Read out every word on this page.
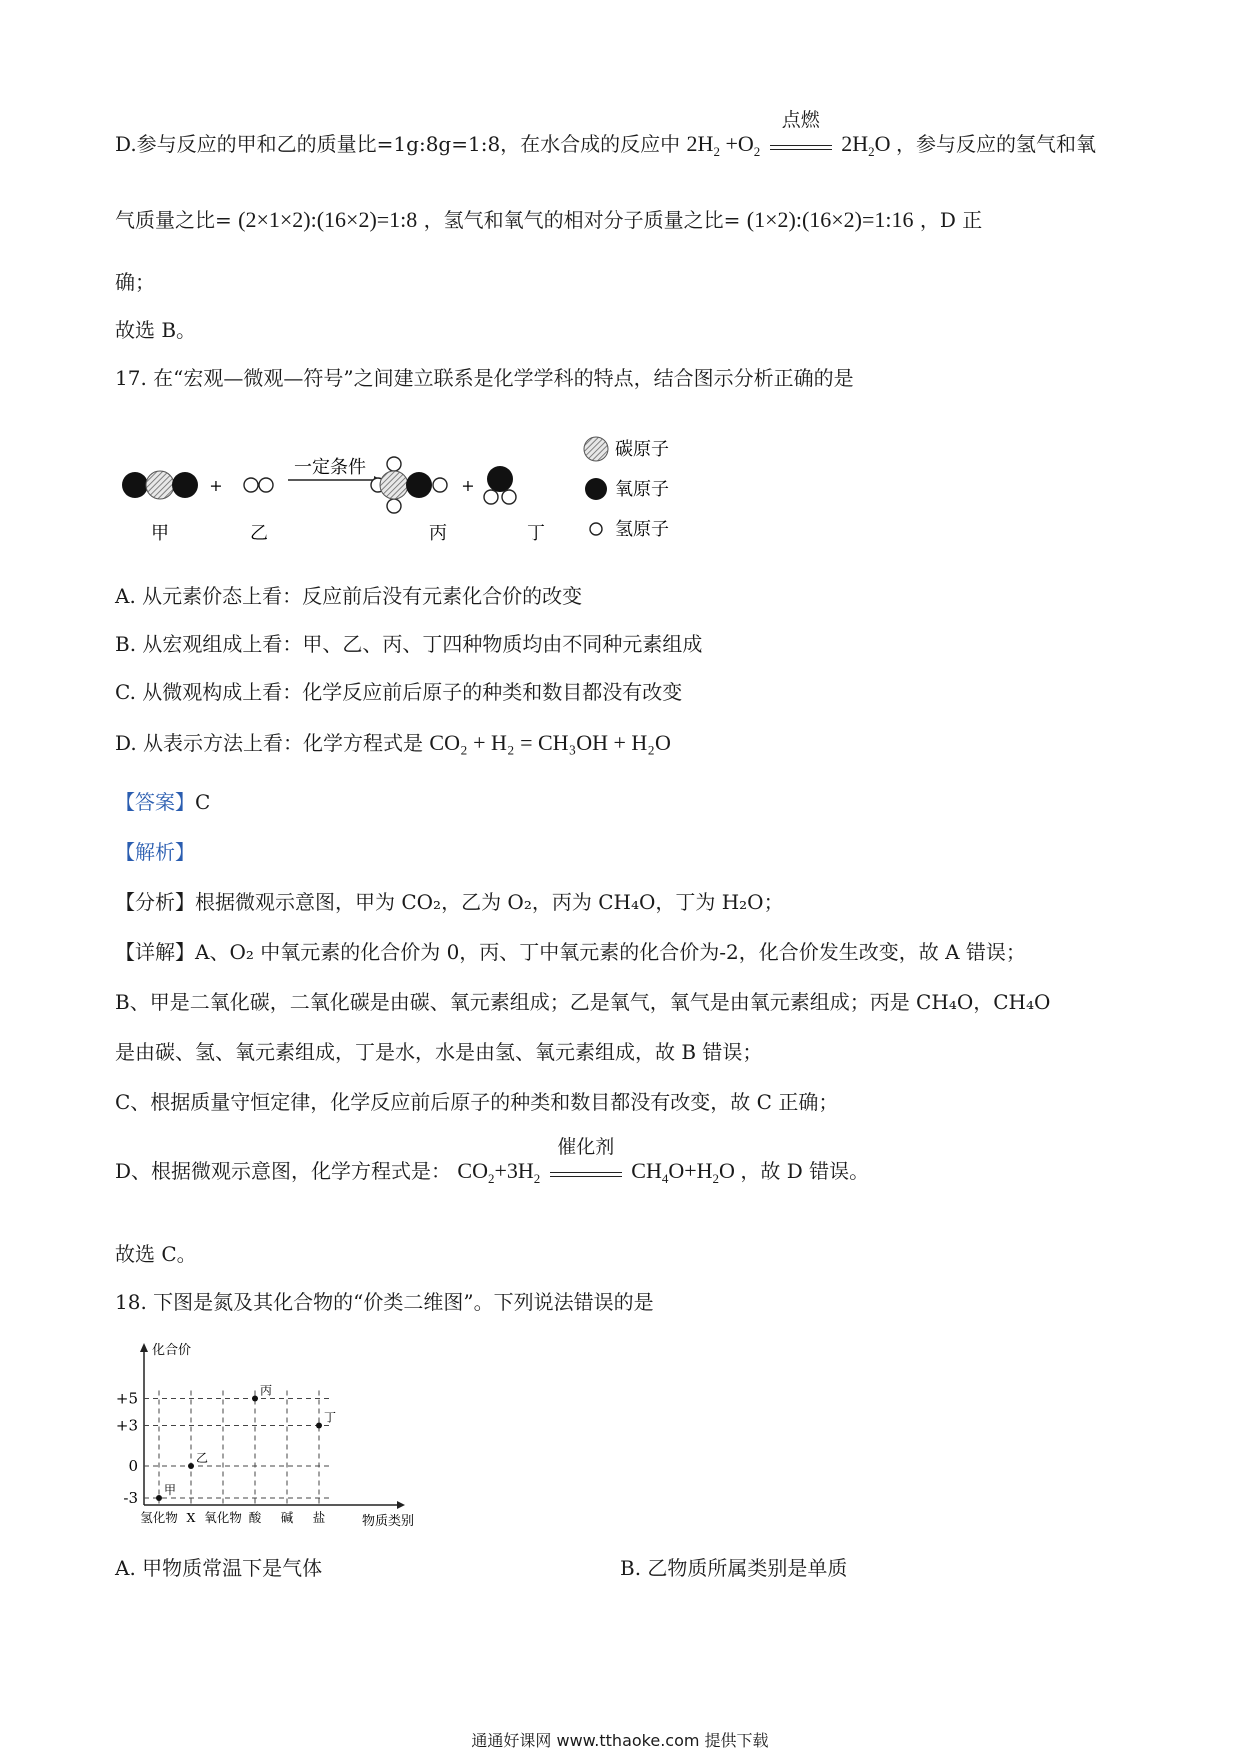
D.参与反应的甲和乙的质量比=1g:8g=1:8，在水合成的反应中 $2H_2 +O_2$
点燃
$2H_2O$ ，参与反应的氢气和氧
气质量之比= (2×1×2):(16×2)=1:8 ，氢气和氧气的相对分子质量之比= (1×2):(16×2)=1:16 ，D 正
确；
故选 B。
17. 在“宏观—微观—符号”之间建立联系是化学学科的特点，结合图示分析正确的是
+
一定条件
+
甲	乙	丙	丁
碳原子
氧原子
氢原子
A. 从元素价态上看：反应前后没有元素化合价的改变
B. 从宏观组成上看：甲、乙、丙、丁四种物质均由不同种元素组成
C. 从微观构成上看：化学反应前后原子的种类和数目都没有改变
D. 从表示方法上看：化学方程式是 CO₂ + H₂ = CH₃OH + H₂O
【答案】C
【解析】
【分析】根据微观示意图，甲为 CO₂，乙为 O₂，丙为 CH₄O，丁为 H₂O；
【详解】A、O₂ 中氧元素的化合价为 0，丙、丁中氧元素的化合价为-2，化合价发生改变，故 A 错误；
B、甲是二氧化碳，二氧化碳是由碳、氧元素组成；乙是氧气，氧气是由氧元素组成；丙是 CH₄O，CH₄O
是由碳、氢、氧元素组成，丁是水，水是由氢、氧元素组成，故 B 错误；
C、根据质量守恒定律，化学反应前后原子的种类和数目都没有改变，故 C 正确；
D、根据微观示意图，化学方程式是： $CO_2+3H_2$
催化剂
$CH_4O+H_2O$ ，故 D 错误。
故选 C。
18. 下图是氮及其化合物的“价类二维图”。下列说法错误的是
化合价
物质类别
+5
+3
0
-3
氢化物 X 氧化物 酸 碱 盐
甲
乙
丙
丁
A. 甲物质常温下是气体	B. 乙物质所属类别是单质
通通好课网 www.tthaoke.com 提供下载
